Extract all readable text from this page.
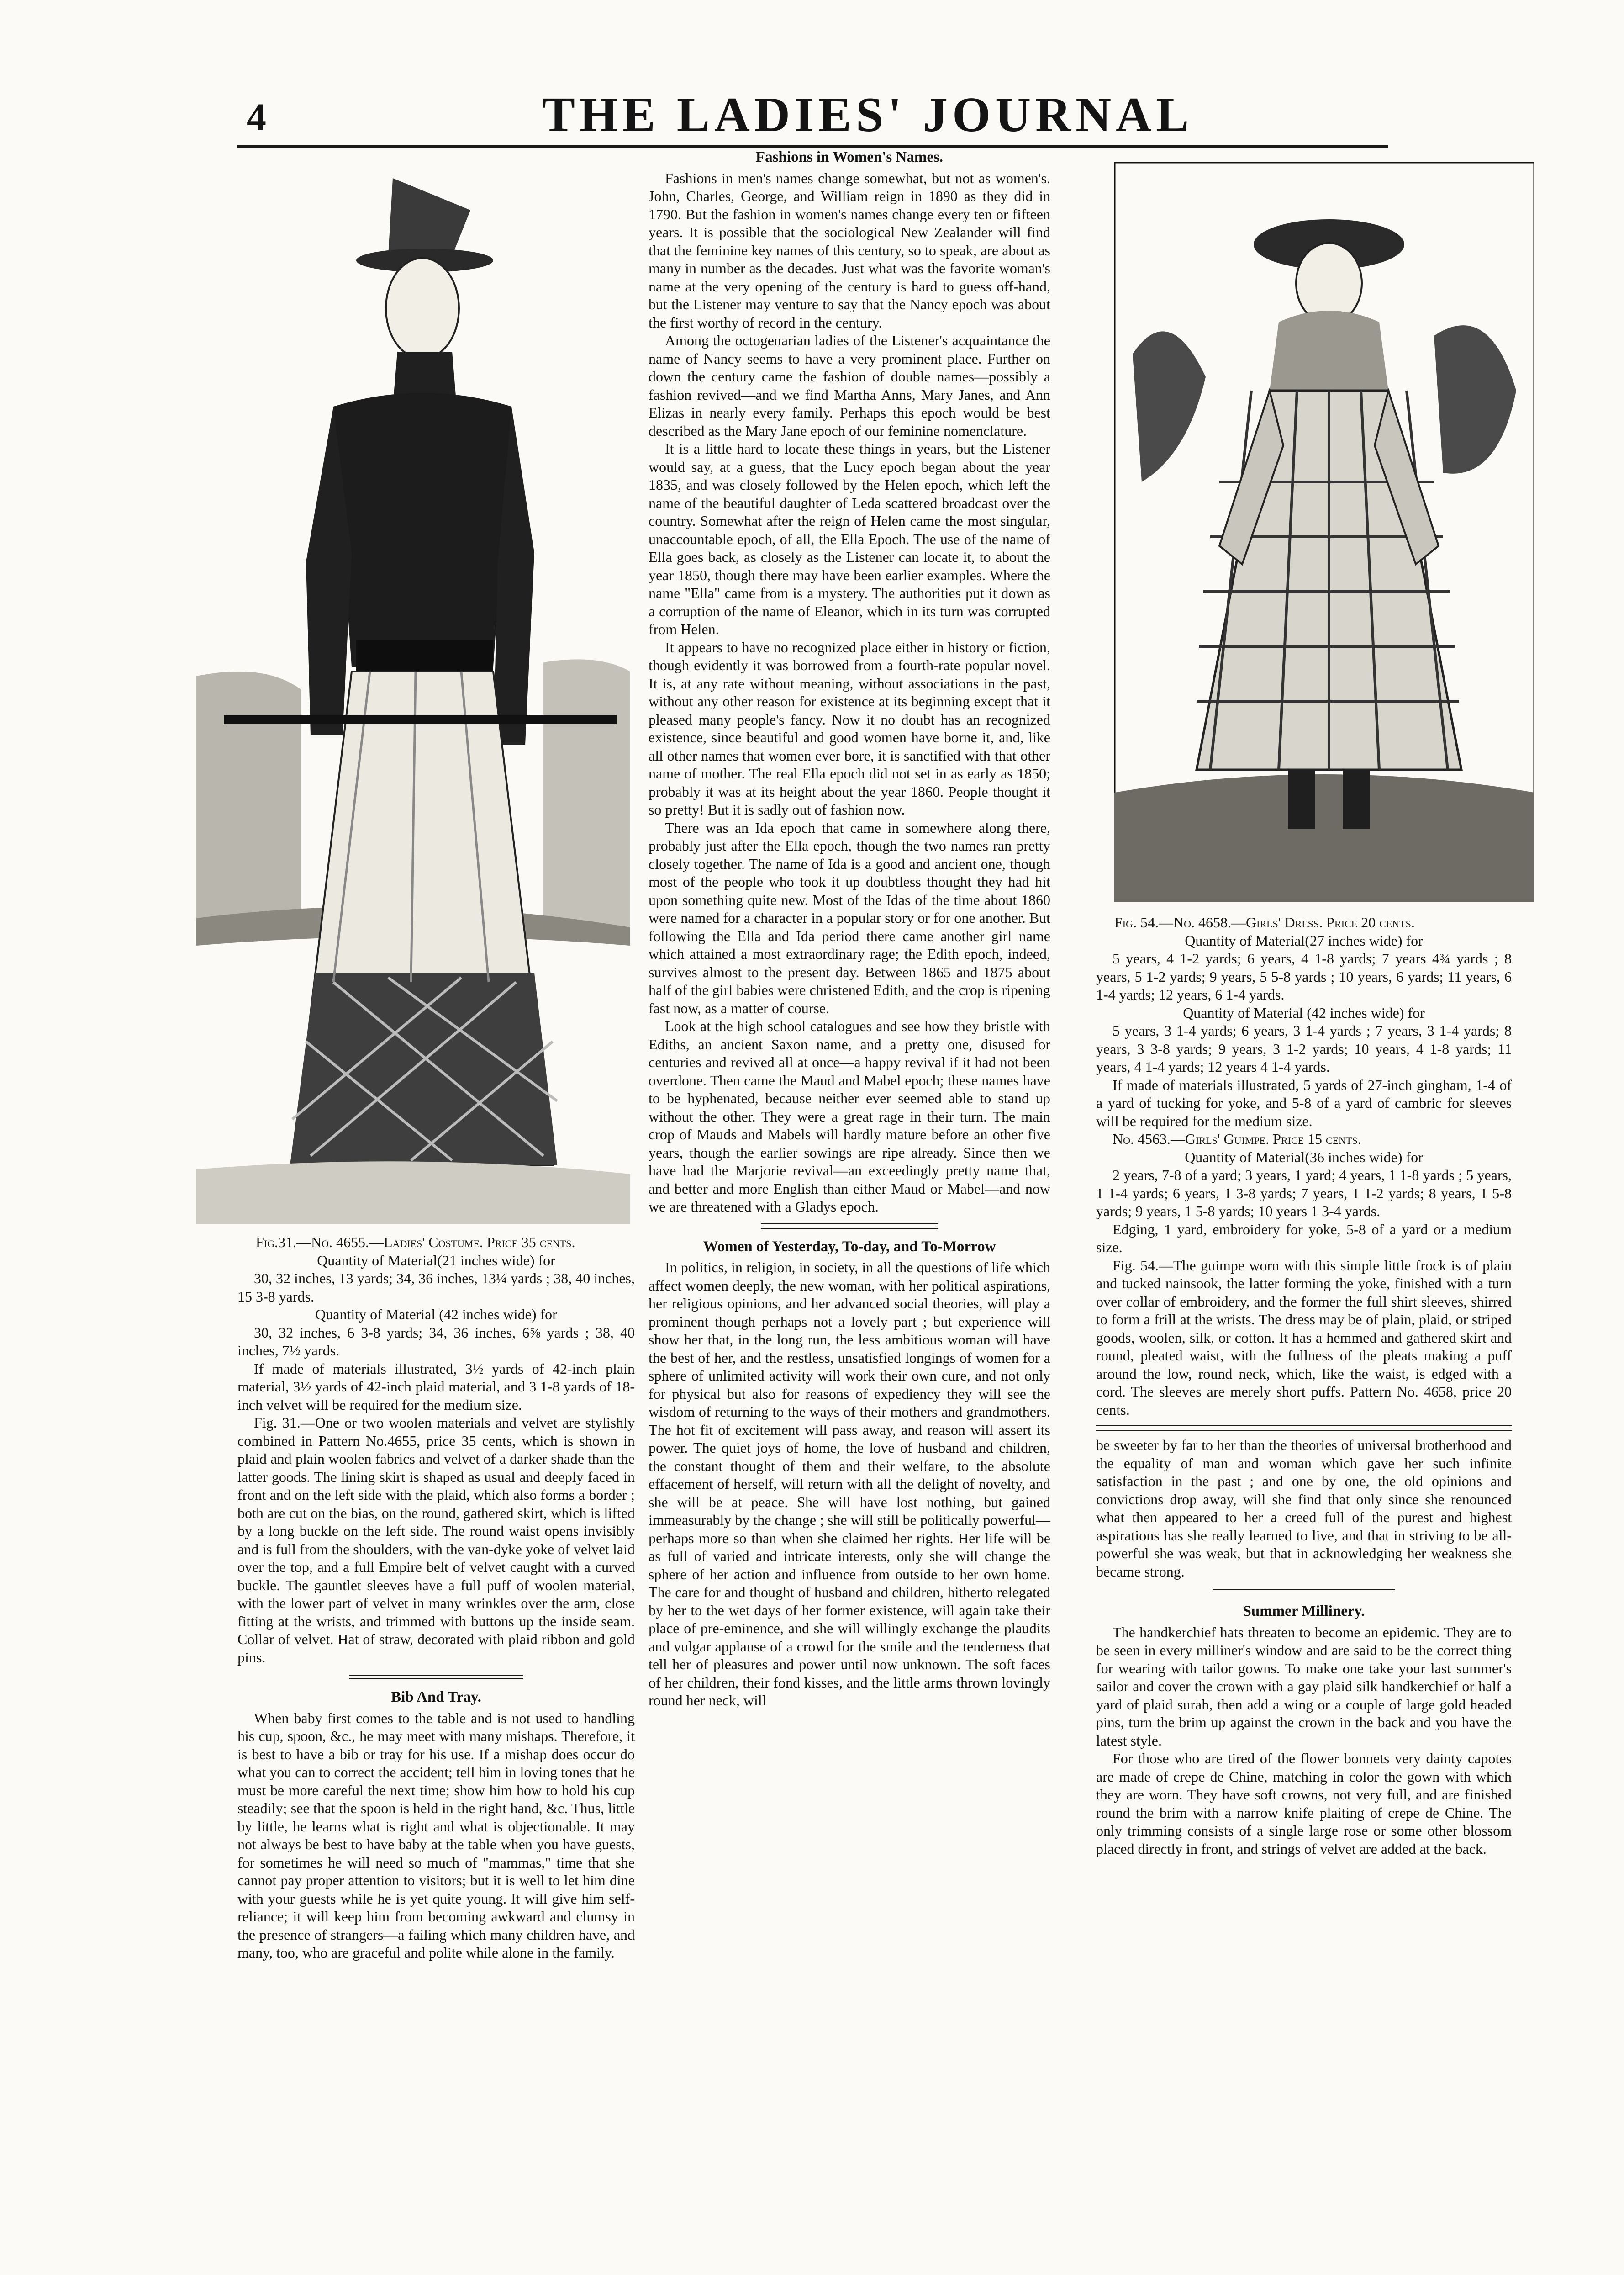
4	THE LADIES' JOURNAL

Fig.31.—No. 4655.—Ladies' Costume. Price 35 cents.

Quantity of Material(21 inches wide) for

30, 32 inches, 13 yards; 34, 36 inches, 13¼ yards ; 38, 40 inches, 15 3-8 yards.

Quantity of Material (42 inches wide) for

30, 32 inches, 6 3-8 yards; 34, 36 inches, 6⅝ yards ; 38, 40 inches, 7½ yards.

If made of materials illustrated, 3½ yards of 42-inch plain material, 3½ yards of 42-inch plaid material, and 3 1-8 yards of 18-inch velvet will be required for the medium size.

Fig. 31.—One or two woolen materials and velvet are stylishly combined in Pattern No.4655, price 35 cents, which is shown in plaid and plain woolen fabrics and velvet of a darker shade than the latter goods. The lining skirt is shaped as usual and deeply faced in front and on the left side with the plaid, which also forms a border ; both are cut on the bias, on the round, gathered skirt, which is lifted by a long buckle on the left side. The round waist opens invisibly and is full from the shoulders, with the van-dyke yoke of velvet laid over the top, and a full Empire belt of velvet caught with a curved buckle. The gauntlet sleeves have a full puff of woolen material, with the lower part of velvet in many wrinkles over the arm, close fitting at the wrists, and trimmed with buttons up the inside seam. Collar of velvet. Hat of straw, decorated with plaid ribbon and gold pins.

Bib And Tray.

When baby first comes to the table and is not used to handling his cup, spoon, &c., he may meet with many mishaps. Therefore, it is best to have a bib or tray for his use. If a mishap does occur do what you can to correct the accident; tell him in loving tones that he must be more careful the next time; show him how to hold his cup steadily; see that the spoon is held in the right hand, &c. Thus, little by little, he learns what is right and what is objectionable. It may not always be best to have baby at the table when you have guests, for sometimes he will need so much of "mammas," time that she cannot pay proper attention to visitors; but it is well to let him dine with your guests while he is yet quite young. It will give him self-reliance; it will keep him from becoming awkward and clumsy in the presence of strangers—a failing which many children have, and many, too, who are graceful and polite while alone in the family.

Fashions in Women's Names.

Fashions in men's names change somewhat, but not as women's. John, Charles, George, and William reign in 1890 as they did in 1790. But the fashion in women's names change every ten or fifteen years. It is possible that the sociological New Zealander will find that the feminine key names of this century, so to speak, are about as many in number as the decades. Just what was the favorite woman's name at the very opening of the century is hard to guess off-hand, but the Listener may venture to say that the Nancy epoch was about the first worthy of record in the century.

Among the octogenarian ladies of the Listener's acquaintance the name of Nancy seems to have a very prominent place. Further on down the century came the fashion of double names—possibly a fashion revived—and we find Martha Anns, Mary Janes, and Ann Elizas in nearly every family. Perhaps this epoch would be best described as the Mary Jane epoch of our feminine nomenclature.

It is a little hard to locate these things in years, but the Listener would say, at a guess, that the Lucy epoch began about the year 1835, and was closely followed by the Helen epoch, which left the name of the beautiful daughter of Leda scattered broadcast over the country. Somewhat after the reign of Helen came the most singular, unaccountable epoch, of all, the Ella Epoch. The use of the name of Ella goes back, as closely as the Listener can locate it, to about the year 1850, though there may have been earlier examples. Where the name "Ella" came from is a mystery. The authorities put it down as a corruption of the name of Eleanor, which in its turn was corrupted from Helen.

It appears to have no recognized place either in history or fiction, though evidently it was borrowed from a fourth-rate popular novel. It is, at any rate without meaning, without associations in the past, without any other reason for existence at its beginning except that it pleased many people's fancy. Now it no doubt has an recognized existence, since beautiful and good women have borne it, and, like all other names that women ever bore, it is sanctified with that other name of mother. The real Ella epoch did not set in as early as 1850; probably it was at its height about the year 1860. People thought it so pretty! But it is sadly out of fashion now.

There was an Ida epoch that came in somewhere along there, probably just after the Ella epoch, though the two names ran pretty closely together. The name of Ida is a good and ancient one, though most of the people who took it up doubtless thought they had hit upon something quite new. Most of the Idas of the time about 1860 were named for a character in a popular story or for one another. But following the Ella and Ida period there came another girl name which attained a most extraordinary rage; the Edith epoch, indeed, survives almost to the present day. Between 1865 and 1875 about half of the girl babies were christened Edith, and the crop is ripening fast now, as a matter of course.

Look at the high school catalogues and see how they bristle with Ediths, an ancient Saxon name, and a pretty one, disused for centuries and revived all at once—a happy revival if it had not been overdone. Then came the Maud and Mabel epoch; these names have to be hyphenated, because neither ever seemed able to stand up without the other. They were a great rage in their turn. The main crop of Mauds and Mabels will hardly mature before an other five years, though the earlier sowings are ripe already. Since then we have had the Marjorie revival—an exceedingly pretty name that, and better and more English than either Maud or Mabel—and now we are threatened with a Gladys epoch.

Women of Yesterday, To-day, and To-Morrow

In politics, in religion, in society, in all the questions of life which affect women deeply, the new woman, with her political aspirations, her religious opinions, and her advanced social theories, will play a prominent though perhaps not a lovely part ; but experience will show her that, in the long run, the less ambitious woman will have the best of her, and the restless, unsatisfied longings of women for a sphere of unlimited activity will work their own cure, and not only for physical but also for reasons of expediency they will see the wisdom of returning to the ways of their mothers and grandmothers. The hot fit of excitement will pass away, and reason will assert its power. The quiet joys of home, the love of husband and children, the constant thought of them and their welfare, to the absolute effacement of herself, will return with all the delight of novelty, and she will be at peace. She will have lost nothing, but gained immeasurably by the change ; she will still be politically powerful—perhaps more so than when she claimed her rights. Her life will be as full of varied and intricate interests, only she will change the sphere of her action and influence from outside to her own home. The care for and thought of husband and children, hitherto relegated by her to the wet days of her former existence, will again take their place of pre-eminence, and she will willingly exchange the plaudits and vulgar applause of a crowd for the smile and the tenderness that tell her of pleasures and power until now unknown. The soft faces of her children, their fond kisses, and the little arms thrown lovingly round her neck, will

Fig. 54.—No. 4658.—Girls' Dress. Price 20 cents.

Quantity of Material(27 inches wide) for

5 years, 4 1-2 yards; 6 years, 4 1-8 yards; 7 years 4¾ yards ; 8 years, 5 1-2 yards; 9 years, 5 5-8 yards ; 10 years, 6 yards; 11 years, 6 1-4 yards; 12 years, 6 1-4 yards.

Quantity of Material (42 inches wide) for

5 years, 3 1-4 yards; 6 years, 3 1-4 yards ; 7 years, 3 1-4 yards; 8 years, 3 3-8 yards; 9 years, 3 1-2 yards; 10 years, 4 1-8 yards; 11 years, 4 1-4 yards; 12 years 4 1-4 yards.

If made of materials illustrated, 5 yards of 27-inch gingham, 1-4 of a yard of tucking for yoke, and 5-8 of a yard of cambric for sleeves will be required for the medium size.

No. 4563.—Girls' Guimpe. Price 15 cents.

Quantity of Material(36 inches wide) for

2 years, 7-8 of a yard; 3 years, 1 yard; 4 years, 1 1-8 yards ; 5 years, 1 1-4 yards; 6 years, 1 3-8 yards; 7 years, 1 1-2 yards; 8 years, 1 5-8 yards; 9 years, 1 5-8 yards; 10 years 1 3-4 yards.

Edging, 1 yard, embroidery for yoke, 5-8 of a yard or a medium size.

Fig. 54.—The guimpe worn with this simple little frock is of plain and tucked nainsook, the latter forming the yoke, finished with a turn over collar of embroidery, and the former the full shirt sleeves, shirred to form a frill at the wrists. The dress may be of plain, plaid, or striped goods, woolen, silk, or cotton. It has a hemmed and gathered skirt and round, pleated waist, with the fullness of the pleats making a puff around the low, round neck, which, like the waist, is edged with a cord. The sleeves are merely short puffs. Pattern No. 4658, price 20 cents.

be sweeter by far to her than the theories of universal brotherhood and the equality of man and woman which gave her such infinite satisfaction in the past ; and one by one, the old opinions and convictions drop away, will she find that only since she renounced what then appeared to her a creed full of the purest and highest aspirations has she really learned to live, and that in striving to be all-powerful she was weak, but that in acknowledging her weakness she became strong.

Summer Millinery.

The handkerchief hats threaten to become an epidemic. They are to be seen in every milliner's window and are said to be the correct thing for wearing with tailor gowns. To make one take your last summer's sailor and cover the crown with a gay plaid silk handkerchief or half a yard of plaid surah, then add a wing or a couple of large gold headed pins, turn the brim up against the crown in the back and you have the latest style.

For those who are tired of the flower bonnets very dainty capotes are made of crepe de Chine, matching in color the gown with which they are worn. They have soft crowns, not very full, and are finished round the brim with a narrow knife plaiting of crepe de Chine. The only trimming consists of a single large rose or some other blossom placed directly in front, and strings of velvet are added at the back.
